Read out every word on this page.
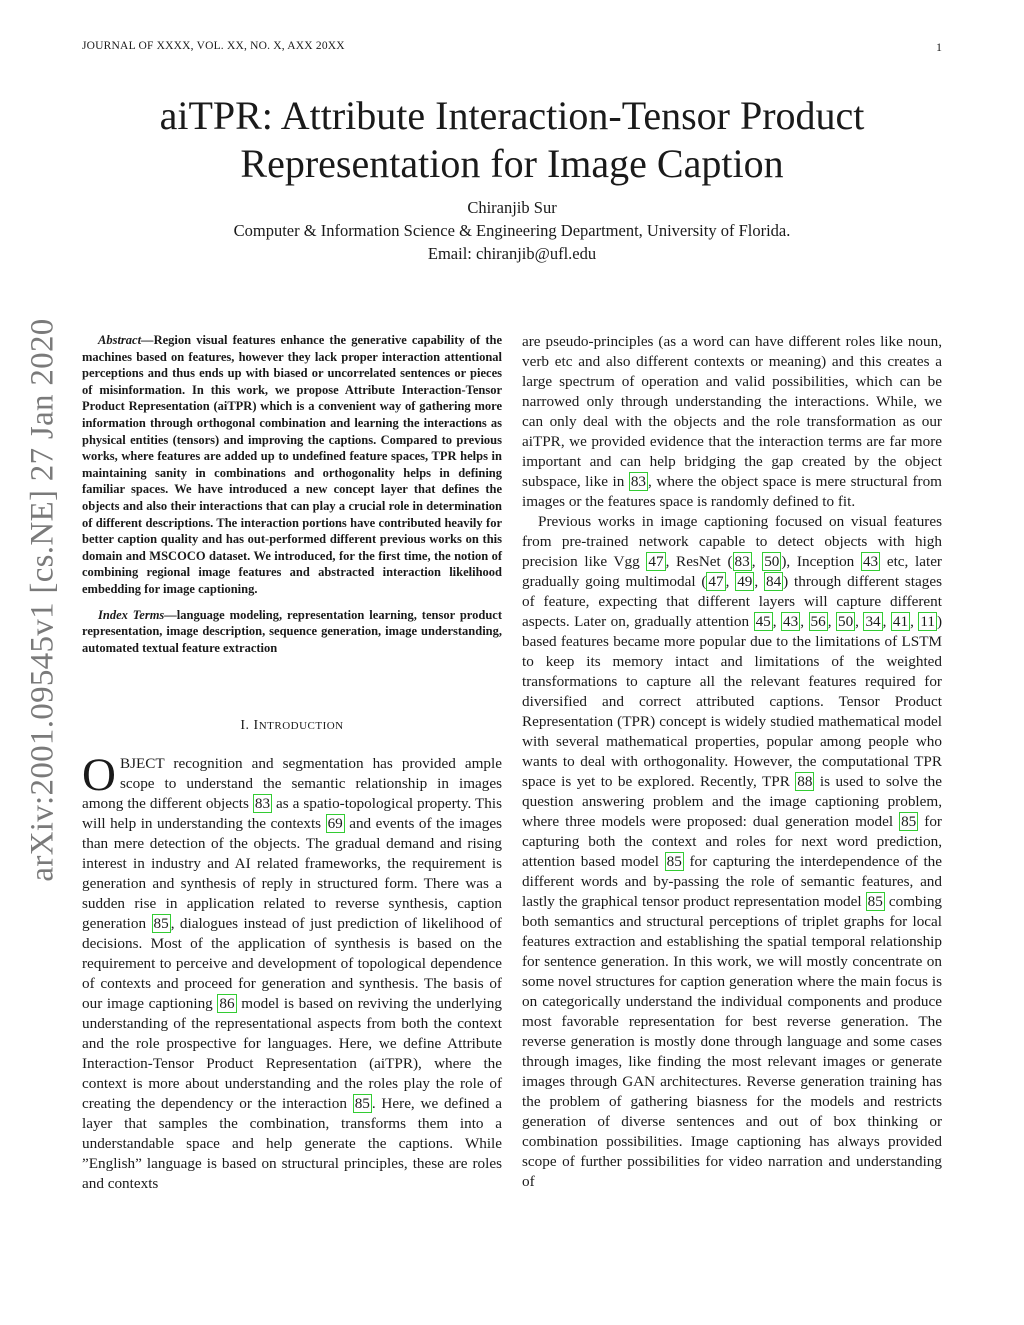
JOURNAL OF XXXX, VOL. XX, NO. X, AXX 20XX	1
arXiv:2001.09545v1 [cs.NE] 27 Jan 2020
aiTPR: Attribute Interaction-Tensor Product
Representation for Image Caption
Chiranjib Sur
Computer & Information Science & Engineering Department, University of Florida.
Email: chiranjib@ufl.edu

Abstract—Region visual features enhance the generative capability of the machines based on features, however they lack proper interaction attentional perceptions and thus ends up with biased or uncorrelated sentences or pieces of misinformation. In this work, we propose Attribute Interaction-Tensor Product Representation (aiTPR) which is a convenient way of gathering more information through orthogonal combination and learning the interactions as physical entities (tensors) and improving the captions. Compared to previous works, where features are added up to undefined feature spaces, TPR helps in maintaining sanity in combinations and orthogonality helps in defining familiar spaces. We have introduced a new concept layer that defines the objects and also their interactions that can play a crucial role in determination of different descriptions. The interaction portions have contributed heavily for better caption quality and has out-performed different previous works on this domain and MSCOCO dataset. We introduced, for the first time, the notion of combining regional image features and abstracted interaction likelihood embedding for image captioning.

Index Terms—language modeling, representation learning, tensor product representation, image description, sequence generation, image understanding, automated textual feature extraction

I. INTRODUCTION

OBJECT recognition and segmentation has provided ample scope to understand the semantic relationship in images among the different objects 83 as a spatio-topological property. This will help in understanding the contexts 69 and events of the images than mere detection of the objects. The gradual demand and rising interest in industry and AI related frameworks, the requirement is generation and synthesis of reply in structured form. There was a sudden rise in application related to reverse synthesis, caption generation 85 , dialogues instead of just prediction of likelihood of decisions. Most of the application of synthesis is based on the requirement to perceive and development of topological dependence of contexts and proceed for generation and synthesis. The basis of our image captioning 86 model is based on reviving the underlying understanding of the representational aspects from both the context and the role prospective for languages. Here, we define Attribute Interaction-Tensor Product Representation (aiTPR), where the context is more about understanding and the roles play the role of creating the dependency or the interaction 85 . Here, we defined a layer that samples the combination, transforms them into a understandable space and help generate the captions. While ”English” language is based on structural principles, these are roles and contexts

are pseudo-principles (as a word can have different roles like noun, verb etc and also different contexts or meaning) and this creates a large spectrum of operation and valid possibilities, which can be narrowed only through understanding the interactions. While, we can only deal with the objects and the role transformation as our aiTPR, we provided evidence that the interaction terms are far more important and can help bridging the gap created by the object subspace, like in 83 , where the object space is mere structural from images or the features space is randomly defined to fit.

Previous works in image captioning focused on visual features from pre-trained network capable to detect objects with high precision like Vgg 47 , ResNet ( 83 , 50 ), Inception 43 etc, later gradually going multimodal ( 47 , 49 , 84 ) through different stages of feature, expecting that different layers will capture different aspects. Later on, gradually attention 45 , 43 , 56 , 50 , 34 , 41 , 11 ) based features became more popular due to the limitations of LSTM to keep its memory intact and limitations of the weighted transformations to capture all the relevant features required for diversified and correct attributed captions. Tensor Product Representation (TPR) concept is widely studied mathematical model with several mathematical properties, popular among people who wants to deal with orthogonality. However, the computational TPR space is yet to be explored. Recently, TPR 88 is used to solve the question answering problem and the image captioning problem, where three models were proposed: dual generation model 85 for capturing both the context and roles for next word prediction, attention based model 85 for capturing the interdependence of the different words and by-passing the role of semantic features, and lastly the graphical tensor product representation model 85 combing both semantics and structural perceptions of triplet graphs for local features extraction and establishing the spatial temporal relationship for sentence generation. In this work, we will mostly concentrate on some novel structures for caption generation where the main focus is on categorically understand the individual components and produce most favorable representation for best reverse generation. The reverse generation is mostly done through language and some cases through images, like finding the most relevant images or generate images through GAN architectures. Reverse generation training has the problem of gathering biasness for the models and restricts generation of diverse sentences and out of box thinking or combination possibilities. Image captioning has always provided scope of further possibilities for video narration and understanding of
